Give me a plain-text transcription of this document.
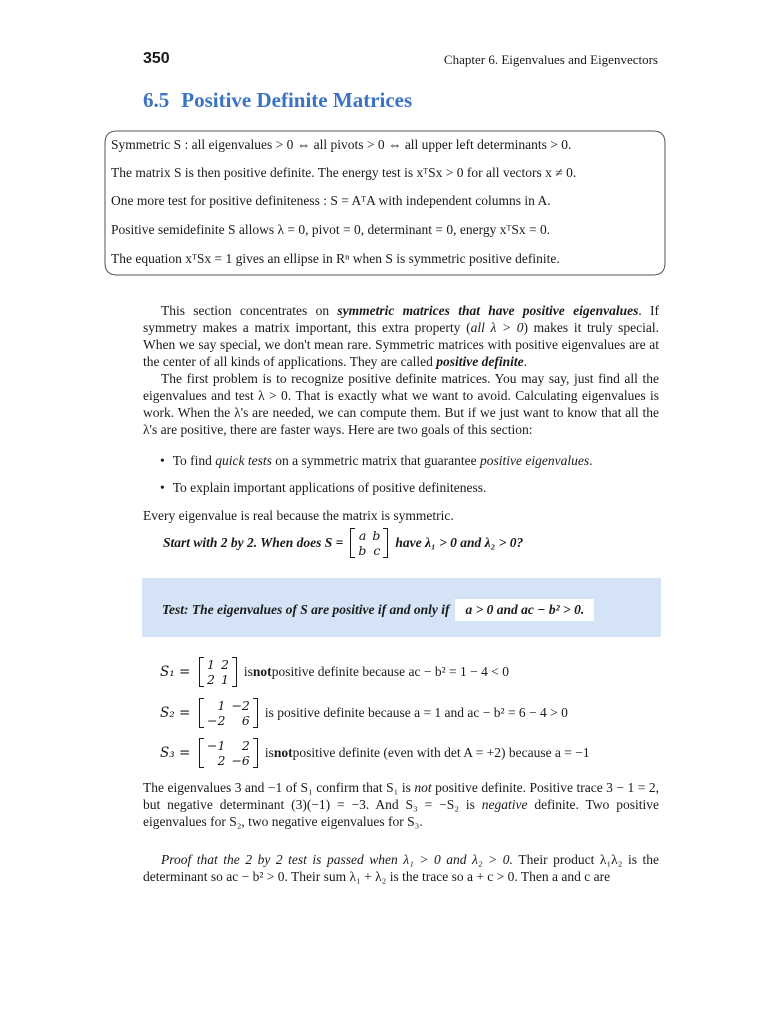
350	Chapter 6. Eigenvalues and Eigenvectors
6.5 Positive Definite Matrices
Symmetric S : all eigenvalues > 0 ⇔ all pivots > 0 ⇔ all upper left determinants > 0.
The matrix S is then positive definite. The energy test is xᵀSx > 0 for all vectors x ≠ 0.
One more test for positive definiteness : S = AᵀA with independent columns in A.
Positive semidefinite S allows λ = 0, pivot = 0, determinant = 0, energy xᵀSx = 0.
The equation xᵀSx = 1 gives an ellipse in Rⁿ when S is symmetric positive definite.

This section concentrates on symmetric matrices that have positive eigenvalues. If symmetry makes a matrix important, this extra property (all λ > 0) makes it truly special. When we say special, we don't mean rare. Symmetric matrices with positive eigenvalues are at the center of all kinds of applications. They are called positive definite.

The first problem is to recognize positive definite matrices. You may say, just find all the eigenvalues and test λ > 0. That is exactly what we want to avoid. Calculating eigenvalues is work. When the λ's are needed, we can compute them. But if we just want to know that all the λ's are positive, there are faster ways. Here are two goals of this section:

• To find quick tests on a symmetric matrix that guarantee positive eigenvalues.
• To explain important applications of positive definiteness.
Every eigenvalue is real because the matrix is symmetric.
Start with 2 by 2. When does S = a	b
b	c
have λ₁ > 0 and λ₂ > 0?
Test: The eigenvalues of S are positive if and only if a > 0 and ac − b² > 0.
S₁ =	1	2
2	1
is not positive definite because ac − b² = 1 − 4 < 0
S₂ =	1	−2
−2	6
is positive definite because a = 1 and ac − b² = 6 − 4 > 0
S₃ =	−1	2
2	−6
is not positive definite (even with det A = +2) because a = −1

The eigenvalues 3 and −1 of S₁ confirm that S₁ is not positive definite. Positive trace 3 − 1 = 2, but negative determinant (3)(−1) = −3. And S₃ = −S₂ is negative definite. Two positive eigenvalues for S₂, two negative eigenvalues for S₃.

Proof that the 2 by 2 test is passed when λ₁ > 0 and λ₂ > 0. Their product λ₁λ₂ is the determinant so ac − b² > 0. Their sum λ₁ + λ₂ is the trace so a + c > 0. Then a and c are
